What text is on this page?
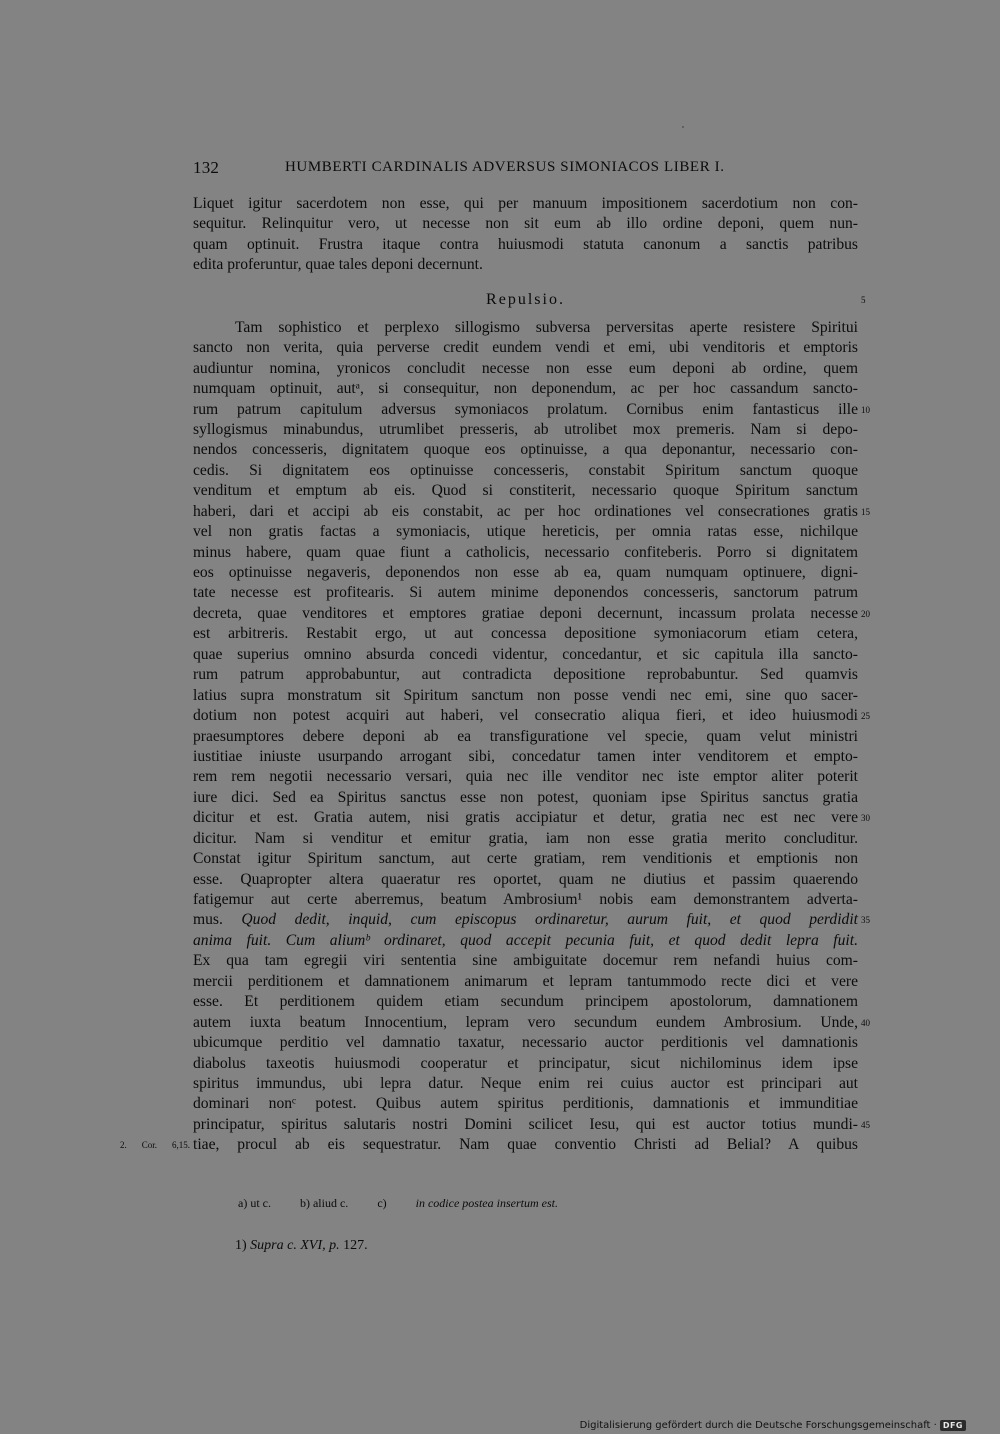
132	HUMBERTI CARDINALIS ADVERSUS SIMONIACOS LIBER I.
Liquet igitur sacerdotem non esse, qui per manuum impositionem sacerdotium non con-
sequitur. Relinquitur vero, ut necesse non sit eum ab illo ordine deponi, quem nun-
quam optinuit. Frustra itaque contra huiusmodi statuta canonum a sanctis patribus
edita proferuntur, quae tales deponi decernunt.
Repulsio.	5
Tam sophistico et perplexo sillogismo subversa perversitas aperte resistere Spiritui
sancto non verita, quia perverse credit eundem vendi et emi, ubi venditoris et emptoris
audiuntur nomina, yronicos concludit necesse non esse eum deponi ab ordine, quem
numquam optinuit, autᵃ, si consequitur, non deponendum, ac per hoc cassandum sancto-
rum patrum capitulum adversus symoniacos prolatum. Cornibus enim fantasticus ille 10
syllogismus minabundus, utrumlibet presseris, ab utrolibet mox premeris. Nam si depo-
nendos concesseris, dignitatem quoque eos optinuisse, a qua deponantur, necessario con-
cedis. Si dignitatem eos optinuisse concesseris, constabit Spiritum sanctum quoque
venditum et emptum ab eis. Quod si constiterit, necessario quoque Spiritum sanctum
haberi, dari et accipi ab eis constabit, ac per hoc ordinationes vel consecrationes gratis 15
vel non gratis factas a symoniacis, utique hereticis, per omnia ratas esse, nichilque
minus habere, quam quae fiunt a catholicis, necessario confiteberis. Porro si dignitatem
eos optinuisse negaveris, deponendos non esse ab ea, quam numquam optinuere, digni-
tate necesse est profitearis. Si autem minime deponendos concesseris, sanctorum patrum
decreta, quae venditores et emptores gratiae deponi decernunt, incassum prolata necesse 20
est arbitreris. Restabit ergo, ut aut concessa depositione symoniacorum etiam cetera,
quae superius omnino absurda concedi videntur, concedantur, et sic capitula illa sancto-
rum patrum approbabuntur, aut contradicta depositione reprobabuntur. Sed quamvis
latius supra monstratum sit Spiritum sanctum non posse vendi nec emi, sine quo sacer-
dotium non potest acquiri aut haberi, vel consecratio aliqua fieri, et ideo huiusmodi 25
praesumptores debere deponi ab ea transfiguratione vel specie, quam velut ministri
iustitiae iniuste usurpando arrogant sibi, concedatur tamen inter venditorem et empto-
rem rem negotii necessario versari, quia nec ille venditor nec iste emptor aliter poterit
iure dici. Sed ea Spiritus sanctus esse non potest, quoniam ipse Spiritus sanctus gratia
dicitur et est. Gratia autem, nisi gratis accipiatur et detur, gratia nec est nec vere 30
dicitur. Nam si venditur et emitur gratia, iam non esse gratia merito concluditur.
Constat igitur Spiritum sanctum, aut certe gratiam, rem venditionis et emptionis non
esse. Quapropter altera quaeratur res oportet, quam ne diutius et passim quaerendo
fatigemur aut certe aberremus, beatum Ambrosium¹ nobis eam demonstrantem adverta-
mus. Quod dedit, inquid, cum episcopus ordinaretur, aurum fuit, et quod perdidit 35
anima fuit. Cum aliumᵇ ordinaret, quod accepit pecunia fuit, et quod dedit lepra fuit.
Ex qua tam egregii viri sententia sine ambiguitate docemur rem nefandi huius com-
mercii perditionem et damnationem animarum et lepram tantummodo recte dici et vere
esse. Et perditionem quidem etiam secundum principem apostolorum, damnationem
autem iuxta beatum Innocentium, lepram vero secundum eundem Ambrosium. Unde, 40
ubicumque perditio vel damnatio taxatur, necessario auctor perditionis vel damnationis
diabolus taxeotis huiusmodi cooperatur et principatur, sicut nichilominus idem ipse
spiritus immundus, ubi lepra datur. Neque enim rei cuius auctor est principari aut
dominari nonᶜ potest. Quibus autem spiritus perditionis, damnationis et immunditiae
principatur, spiritus salutaris nostri Domini scilicet Iesu, qui est auctor totius mundi- 45
tiae, procul ab eis sequestratur. Nam quae conventio Christi ad Belial? A quibus
2. Cor. 6,15.
a) ut c. b) aliud c. c) in codice postea insertum est.
1) Supra c. XVI, p. 127.
Digitalisierung gefördert durch die Deutsche Forschungsgemeinschaft · DFG
